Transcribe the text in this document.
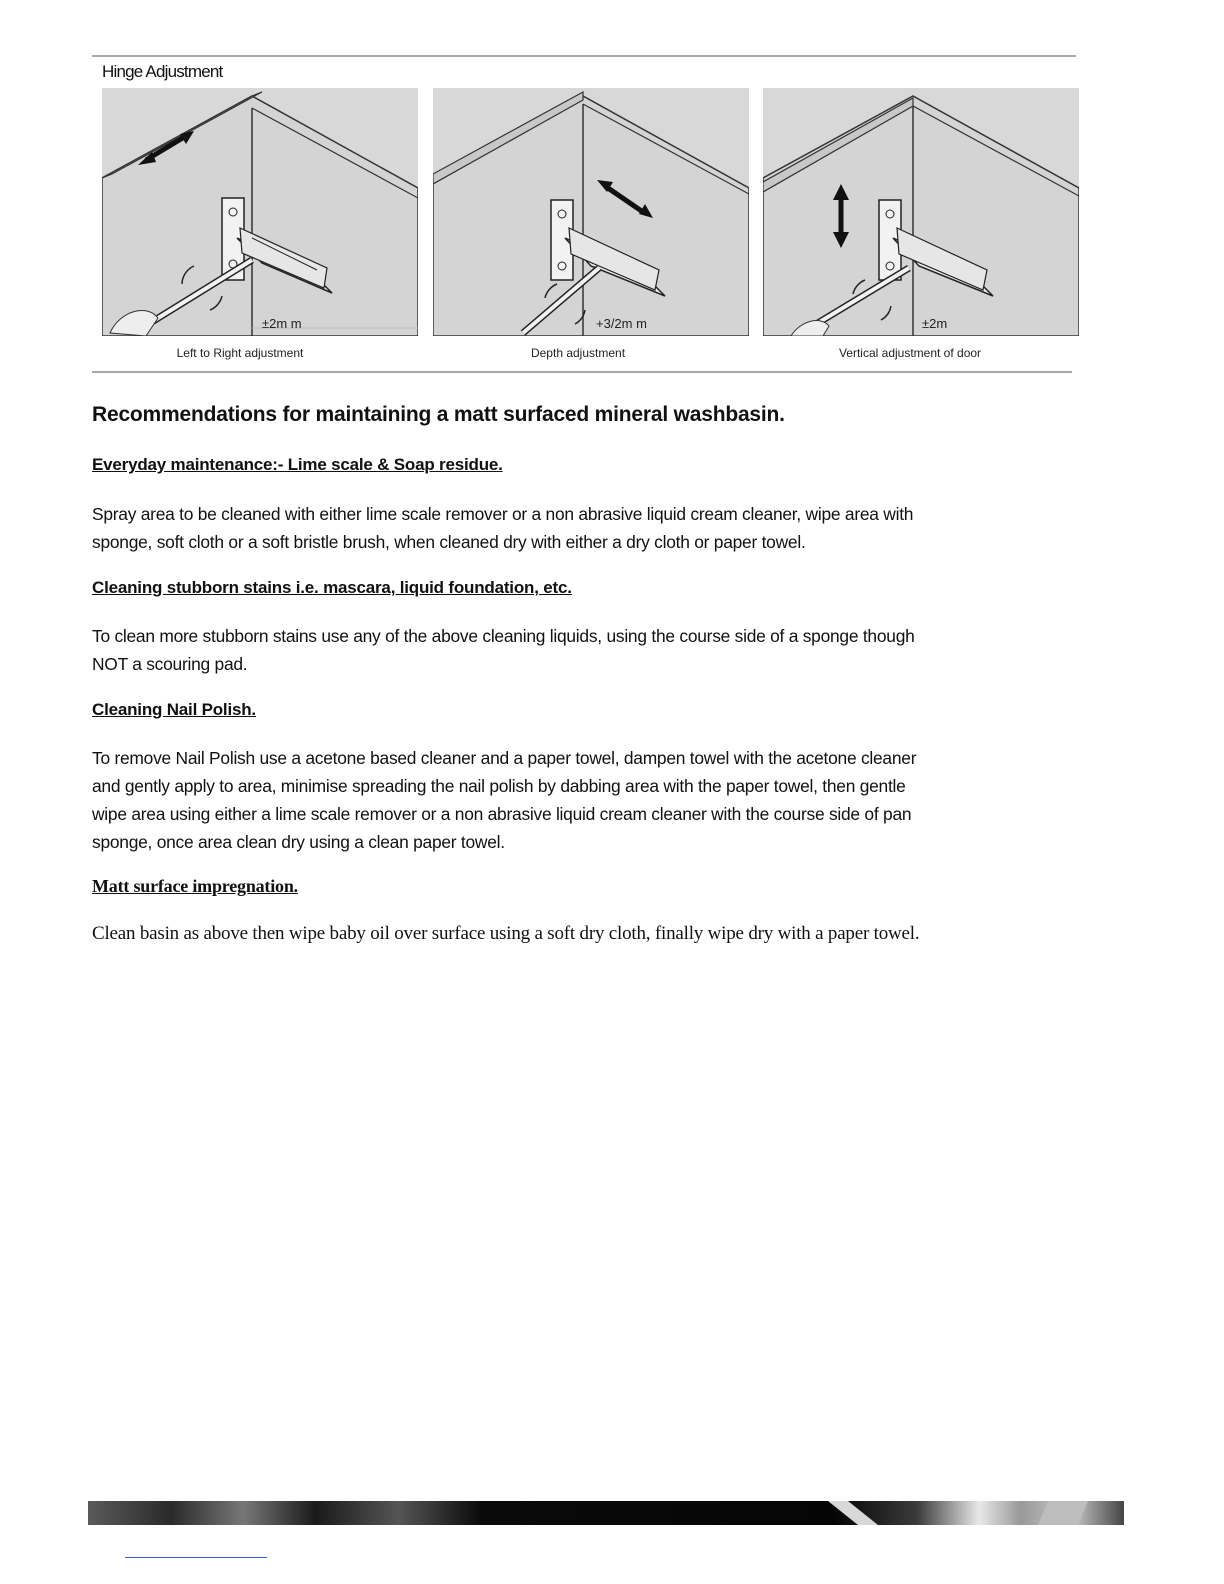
Hinge Adjustment
±2m m
Left to Right adjustment
+3/2m m
Depth adjustment
±2m
Vertical adjustment of door
Recommendations for maintaining a matt surfaced mineral washbasin.
Everyday maintenance:- Lime scale & Soap residue.
Spray area to be cleaned with either lime scale remover or a non abrasive liquid cream cleaner, wipe area with
sponge, soft cloth or a soft bristle brush, when cleaned dry with either a dry cloth or paper towel.
Cleaning stubborn stains i.e. mascara, liquid foundation, etc.
To clean more stubborn stains use any of the above cleaning liquids, using the course side of a sponge though
NOT a scouring pad.
Cleaning Nail Polish.
To remove Nail Polish use a acetone based cleaner and a paper towel, dampen towel with the acetone cleaner
and gently apply to area, minimise spreading the nail polish by dabbing area with the paper towel, then gentle
wipe area using either a lime scale remover or a non abrasive liquid cream cleaner with the course side of pan
sponge, once area clean dry using a clean paper towel.
Matt surface impregnation.
Clean basin as above then wipe baby oil over surface using a soft dry cloth, finally wipe dry with a paper towel.
